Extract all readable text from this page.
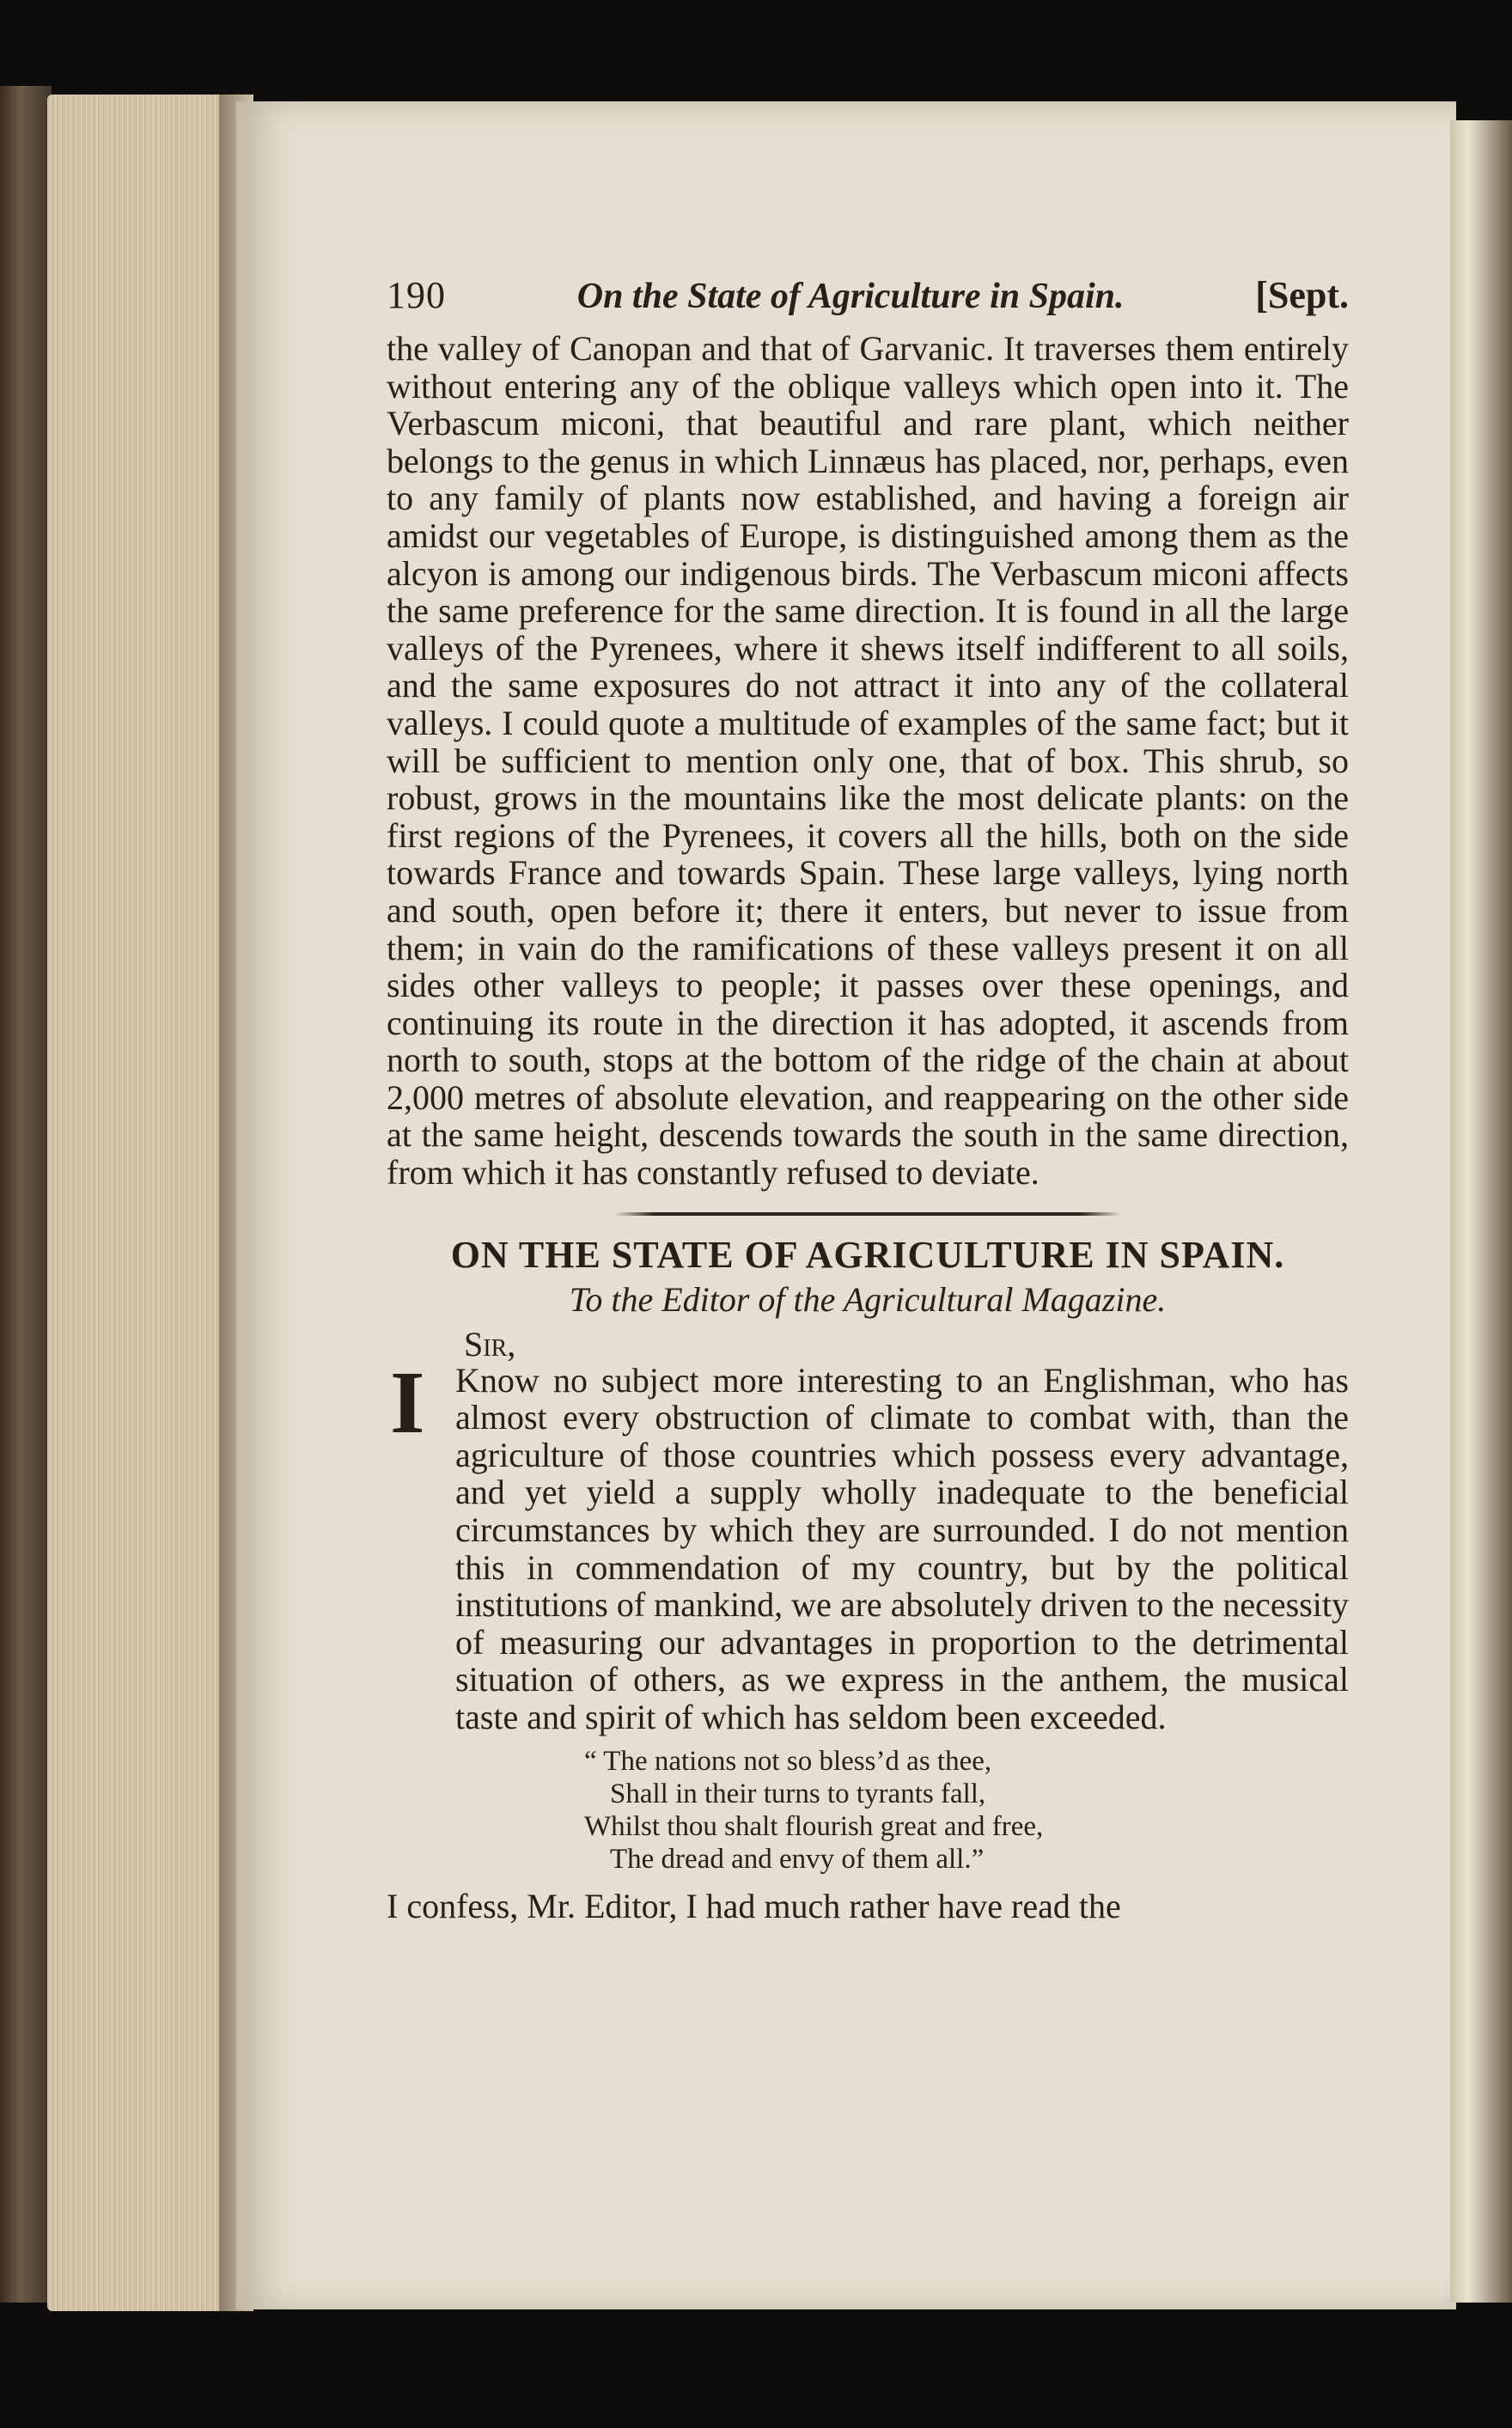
190	On the State of Agriculture in Spain.	[Sept.

the valley of Canopan and that of Garvanic. It traverses them entirely without entering any of the oblique valleys which open into it. The Verbascum miconi, that beautiful and rare plant, which neither belongs to the genus in which Linnæus has placed, nor, perhaps, even to any family of plants now established, and having a foreign air amidst our vegetables of Europe, is distinguished among them as the alcyon is among our indigenous birds. The Verbascum miconi affects the same preference for the same direction. It is found in all the large valleys of the Pyrenees, where it shews itself indifferent to all soils, and the same exposures do not attract it into any of the collateral valleys. I could quote a multitude of examples of the same fact; but it will be sufficient to mention only one, that of box. This shrub, so robust, grows in the mountains like the most delicate plants: on the first regions of the Pyrenees, it covers all the hills, both on the side towards France and towards Spain. These large valleys, lying north and south, open before it; there it enters, but never to issue from them; in vain do the ramifications of these valleys present it on all sides other valleys to people; it passes over these openings, and continuing its route in the direction it has adopted, it ascends from north to south, stops at the bottom of the ridge of the chain at about 2,000 metres of absolute elevation, and reappearing on the other side at the same height, descends towards the south in the same direction, from which it has constantly refused to deviate.

ON THE STATE OF AGRICULTURE IN SPAIN.

To the Editor of the Agricultural Magazine.

Sir,

I Know no subject more interesting to an Englishman, who has almost every obstruction of climate to combat with, than the agriculture of those countries which possess every advantage, and yet yield a supply wholly inadequate to the beneficial circumstances by which they are surrounded. I do not mention this in commendation of my country, but by the political institutions of mankind, we are absolutely driven to the necessity of measuring our advantages in proportion to the detrimental situation of others, as we express in the anthem, the musical taste and spirit of which has seldom been exceeded.

“ The nations not so bless’d as thee,
Shall in their turns to tyrants fall,
Whilst thou shalt flourish great and free,
The dread and envy of them all.”

I confess, Mr. Editor, I had much rather have read the
